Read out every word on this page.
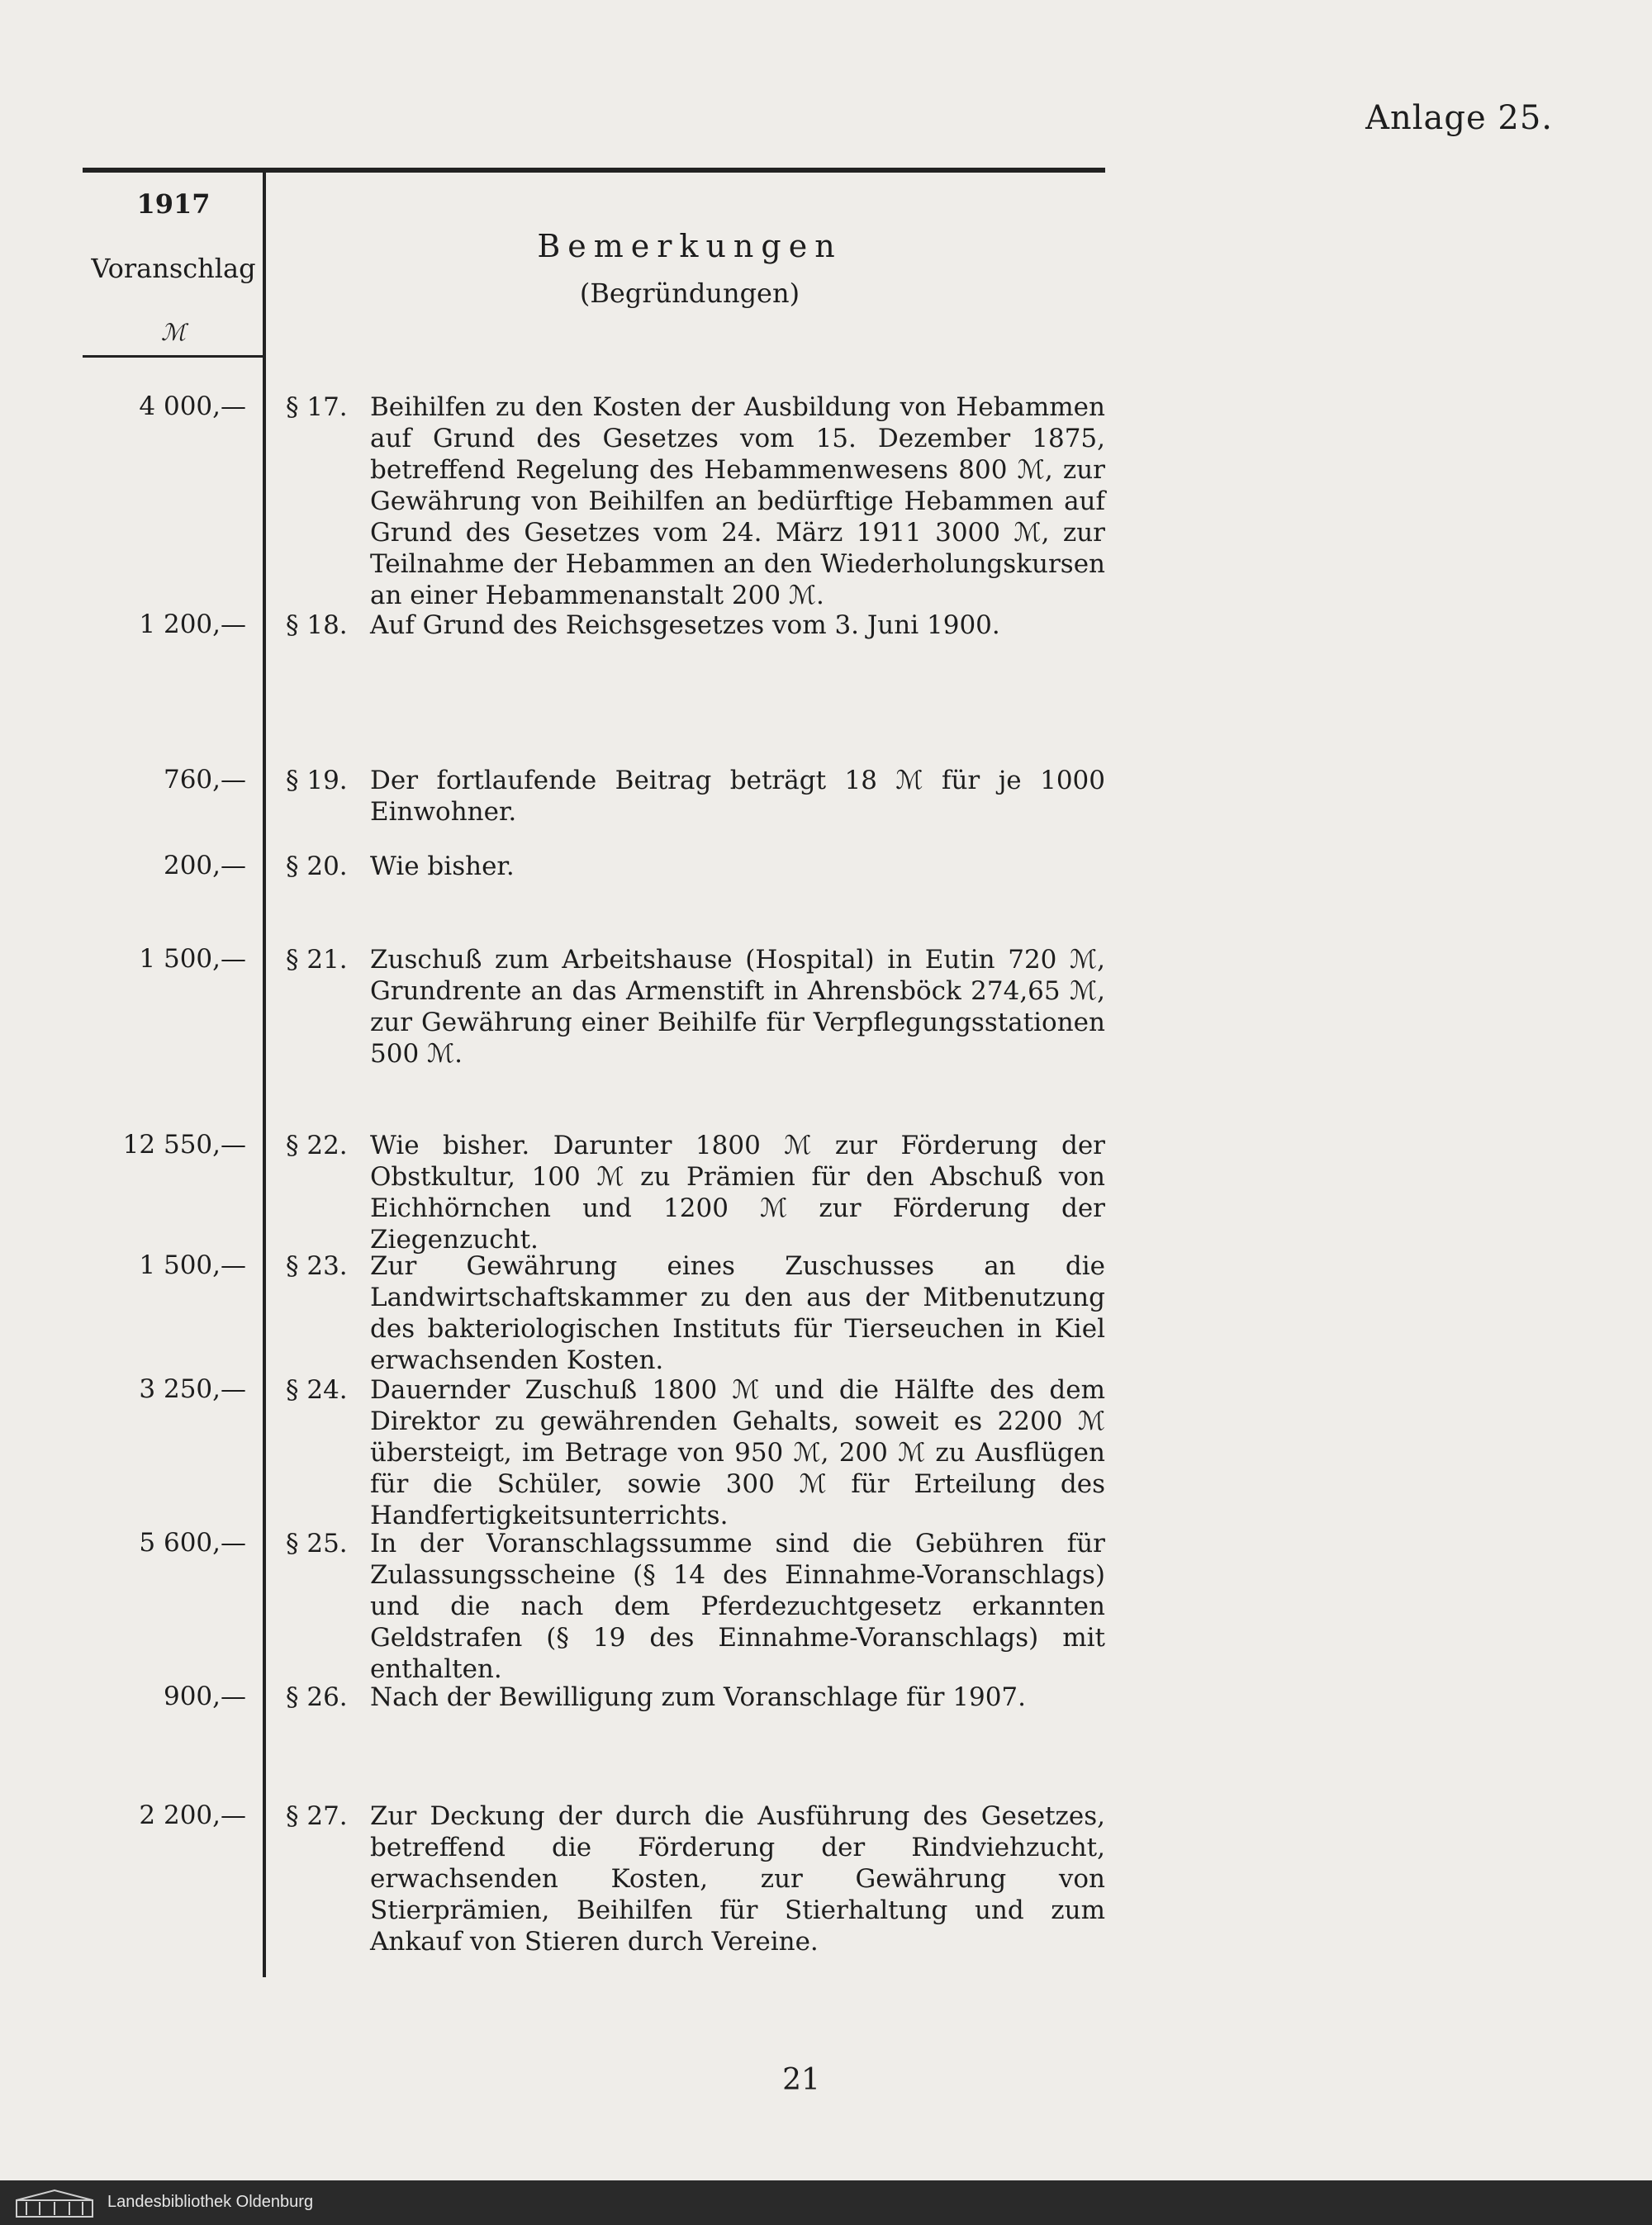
Anlage 25.
1917
Voranschlag
ℳ
Bemerkungen
(Begründungen)
4 000,— § 17. Beihilfen zu den Kosten der Ausbildung von Hebammen auf Grund des Gesetzes vom 15. Dezember 1875, betreffend Regelung des Hebammenwesens 800 ℳ, zur Gewährung von Beihilfen an bedürftige Hebammen auf Grund des Gesetzes vom 24. März 1911 3000 ℳ, zur Teilnahme der Hebammen an den Wiederholungskursen an einer Hebammenanstalt 200 ℳ.
1 200,— § 18. Auf Grund des Reichsgesetzes vom 3. Juni 1900.
760,— § 19. Der fortlaufende Beitrag beträgt 18 ℳ für je 1000 Einwohner.
200,— § 20. Wie bisher.
1 500,— § 21. Zuschuß zum Arbeitshause (Hospital) in Eutin 720 ℳ, Grundrente an das Armenstift in Ahrensböck 274,65 ℳ, zur Gewährung einer Beihilfe für Verpflegungsstationen 500 ℳ.
12 550,— § 22. Wie bisher. Darunter 1800 ℳ zur Förderung der Obstkultur, 100 ℳ zu Prämien für den Abschuß von Eichhörnchen und 1200 ℳ zur Förderung der Ziegenzucht.
1 500,— § 23. Zur Gewährung eines Zuschusses an die Landwirtschaftskammer zu den aus der Mitbenutzung des bakteriologischen Instituts für Tierseuchen in Kiel erwachsenden Kosten.
3 250,— § 24. Dauernder Zuschuß 1800 ℳ und die Hälfte des dem Direktor zu gewährenden Gehalts, soweit es 2200 ℳ übersteigt, im Betrage von 950 ℳ, 200 ℳ zu Ausflügen für die Schüler, sowie 300 ℳ für Erteilung des Handfertigkeitsunterrichts.
5 600,— § 25. In der Voranschlagssumme sind die Gebühren für Zulassungsscheine (§ 14 des Einnahme-Voranschlags) und die nach dem Pferdezuchtgesetz erkannten Geldstrafen (§ 19 des Einnahme-Voranschlags) mit enthalten.
900,— § 26. Nach der Bewilligung zum Voranschlage für 1907.
2 200,— § 27. Zur Deckung der durch die Ausführung des Gesetzes, betreffend die Förderung der Rindviehzucht, erwachsenden Kosten, zur Gewährung von Stierprämien, Beihilfen für Stierhaltung und zum Ankauf von Stieren durch Vereine.
21
Landesbibliothek Oldenburg
